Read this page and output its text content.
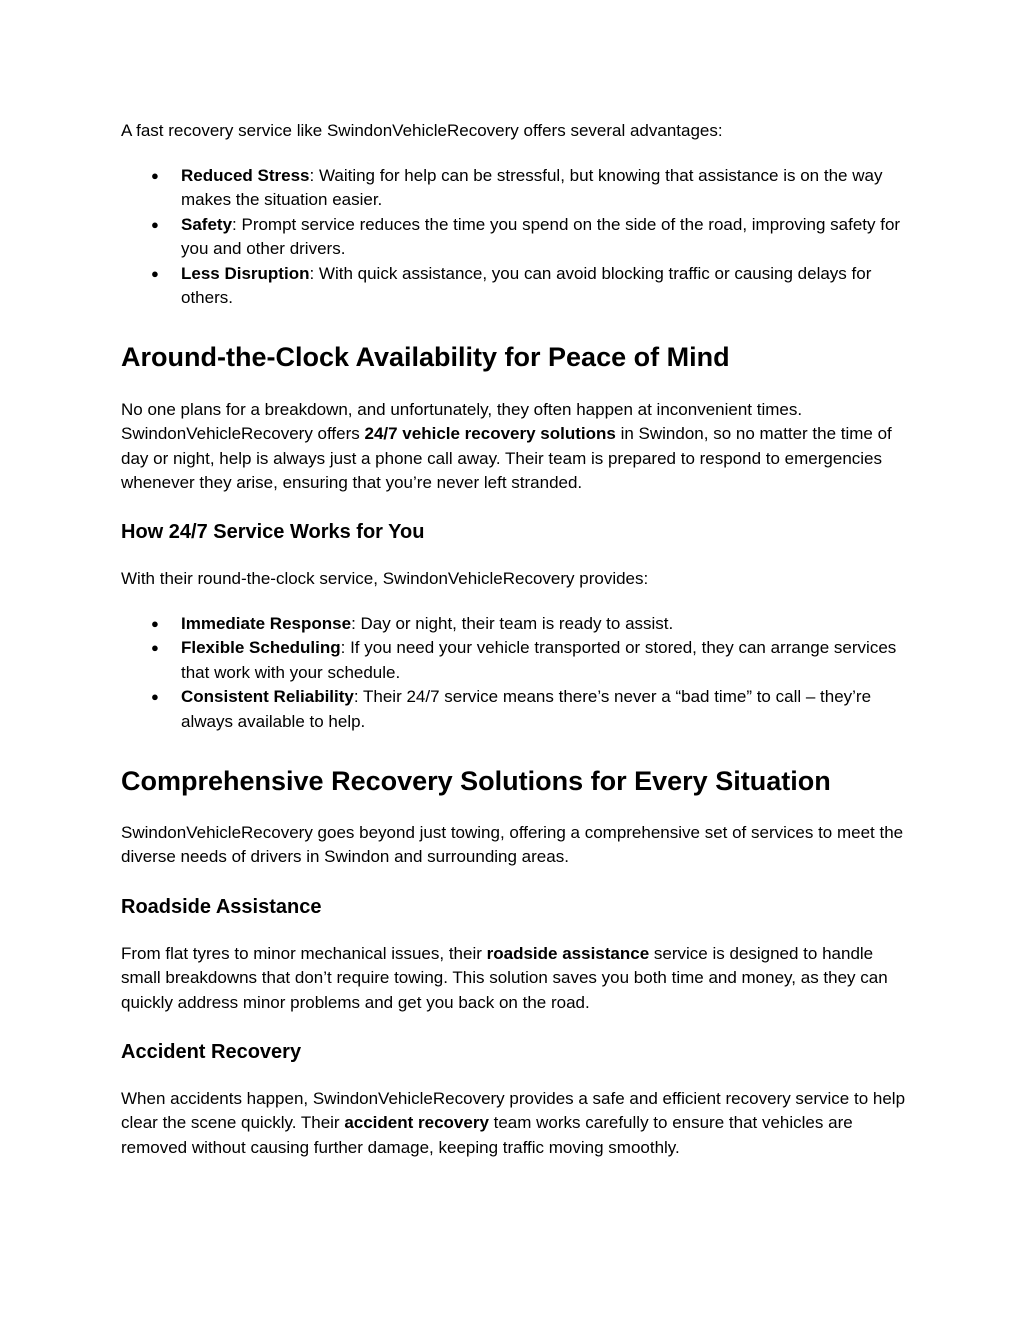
A fast recovery service like SwindonVehicleRecovery offers several advantages:

● Reduced Stress: Waiting for help can be stressful, but knowing that assistance is on the way makes the situation easier.
● Safety: Prompt service reduces the time you spend on the side of the road, improving safety for you and other drivers.
● Less Disruption: With quick assistance, you can avoid blocking traffic or causing delays for others.
Around-the-Clock Availability for Peace of Mind

No one plans for a breakdown, and unfortunately, they often happen at inconvenient times. SwindonVehicleRecovery offers 24/7 vehicle recovery solutions in Swindon, so no matter the time of day or night, help is always just a phone call away. Their team is prepared to respond to emergencies whenever they arise, ensuring that you’re never left stranded.

How 24/7 Service Works for You

With their round-the-clock service, SwindonVehicleRecovery provides:

● Immediate Response: Day or night, their team is ready to assist.
● Flexible Scheduling: If you need your vehicle transported or stored, they can arrange services that work with your schedule.
● Consistent Reliability: Their 24/7 service means there’s never a “bad time” to call – they’re always available to help.
Comprehensive Recovery Solutions for Every Situation

SwindonVehicleRecovery goes beyond just towing, offering a comprehensive set of services to meet the diverse needs of drivers in Swindon and surrounding areas.

Roadside Assistance

From flat tyres to minor mechanical issues, their roadside assistance service is designed to handle small breakdowns that don’t require towing. This solution saves you both time and money, as they can quickly address minor problems and get you back on the road.

Accident Recovery

When accidents happen, SwindonVehicleRecovery provides a safe and efficient recovery service to help clear the scene quickly. Their accident recovery team works carefully to ensure that vehicles are removed without causing further damage, keeping traffic moving smoothly.
